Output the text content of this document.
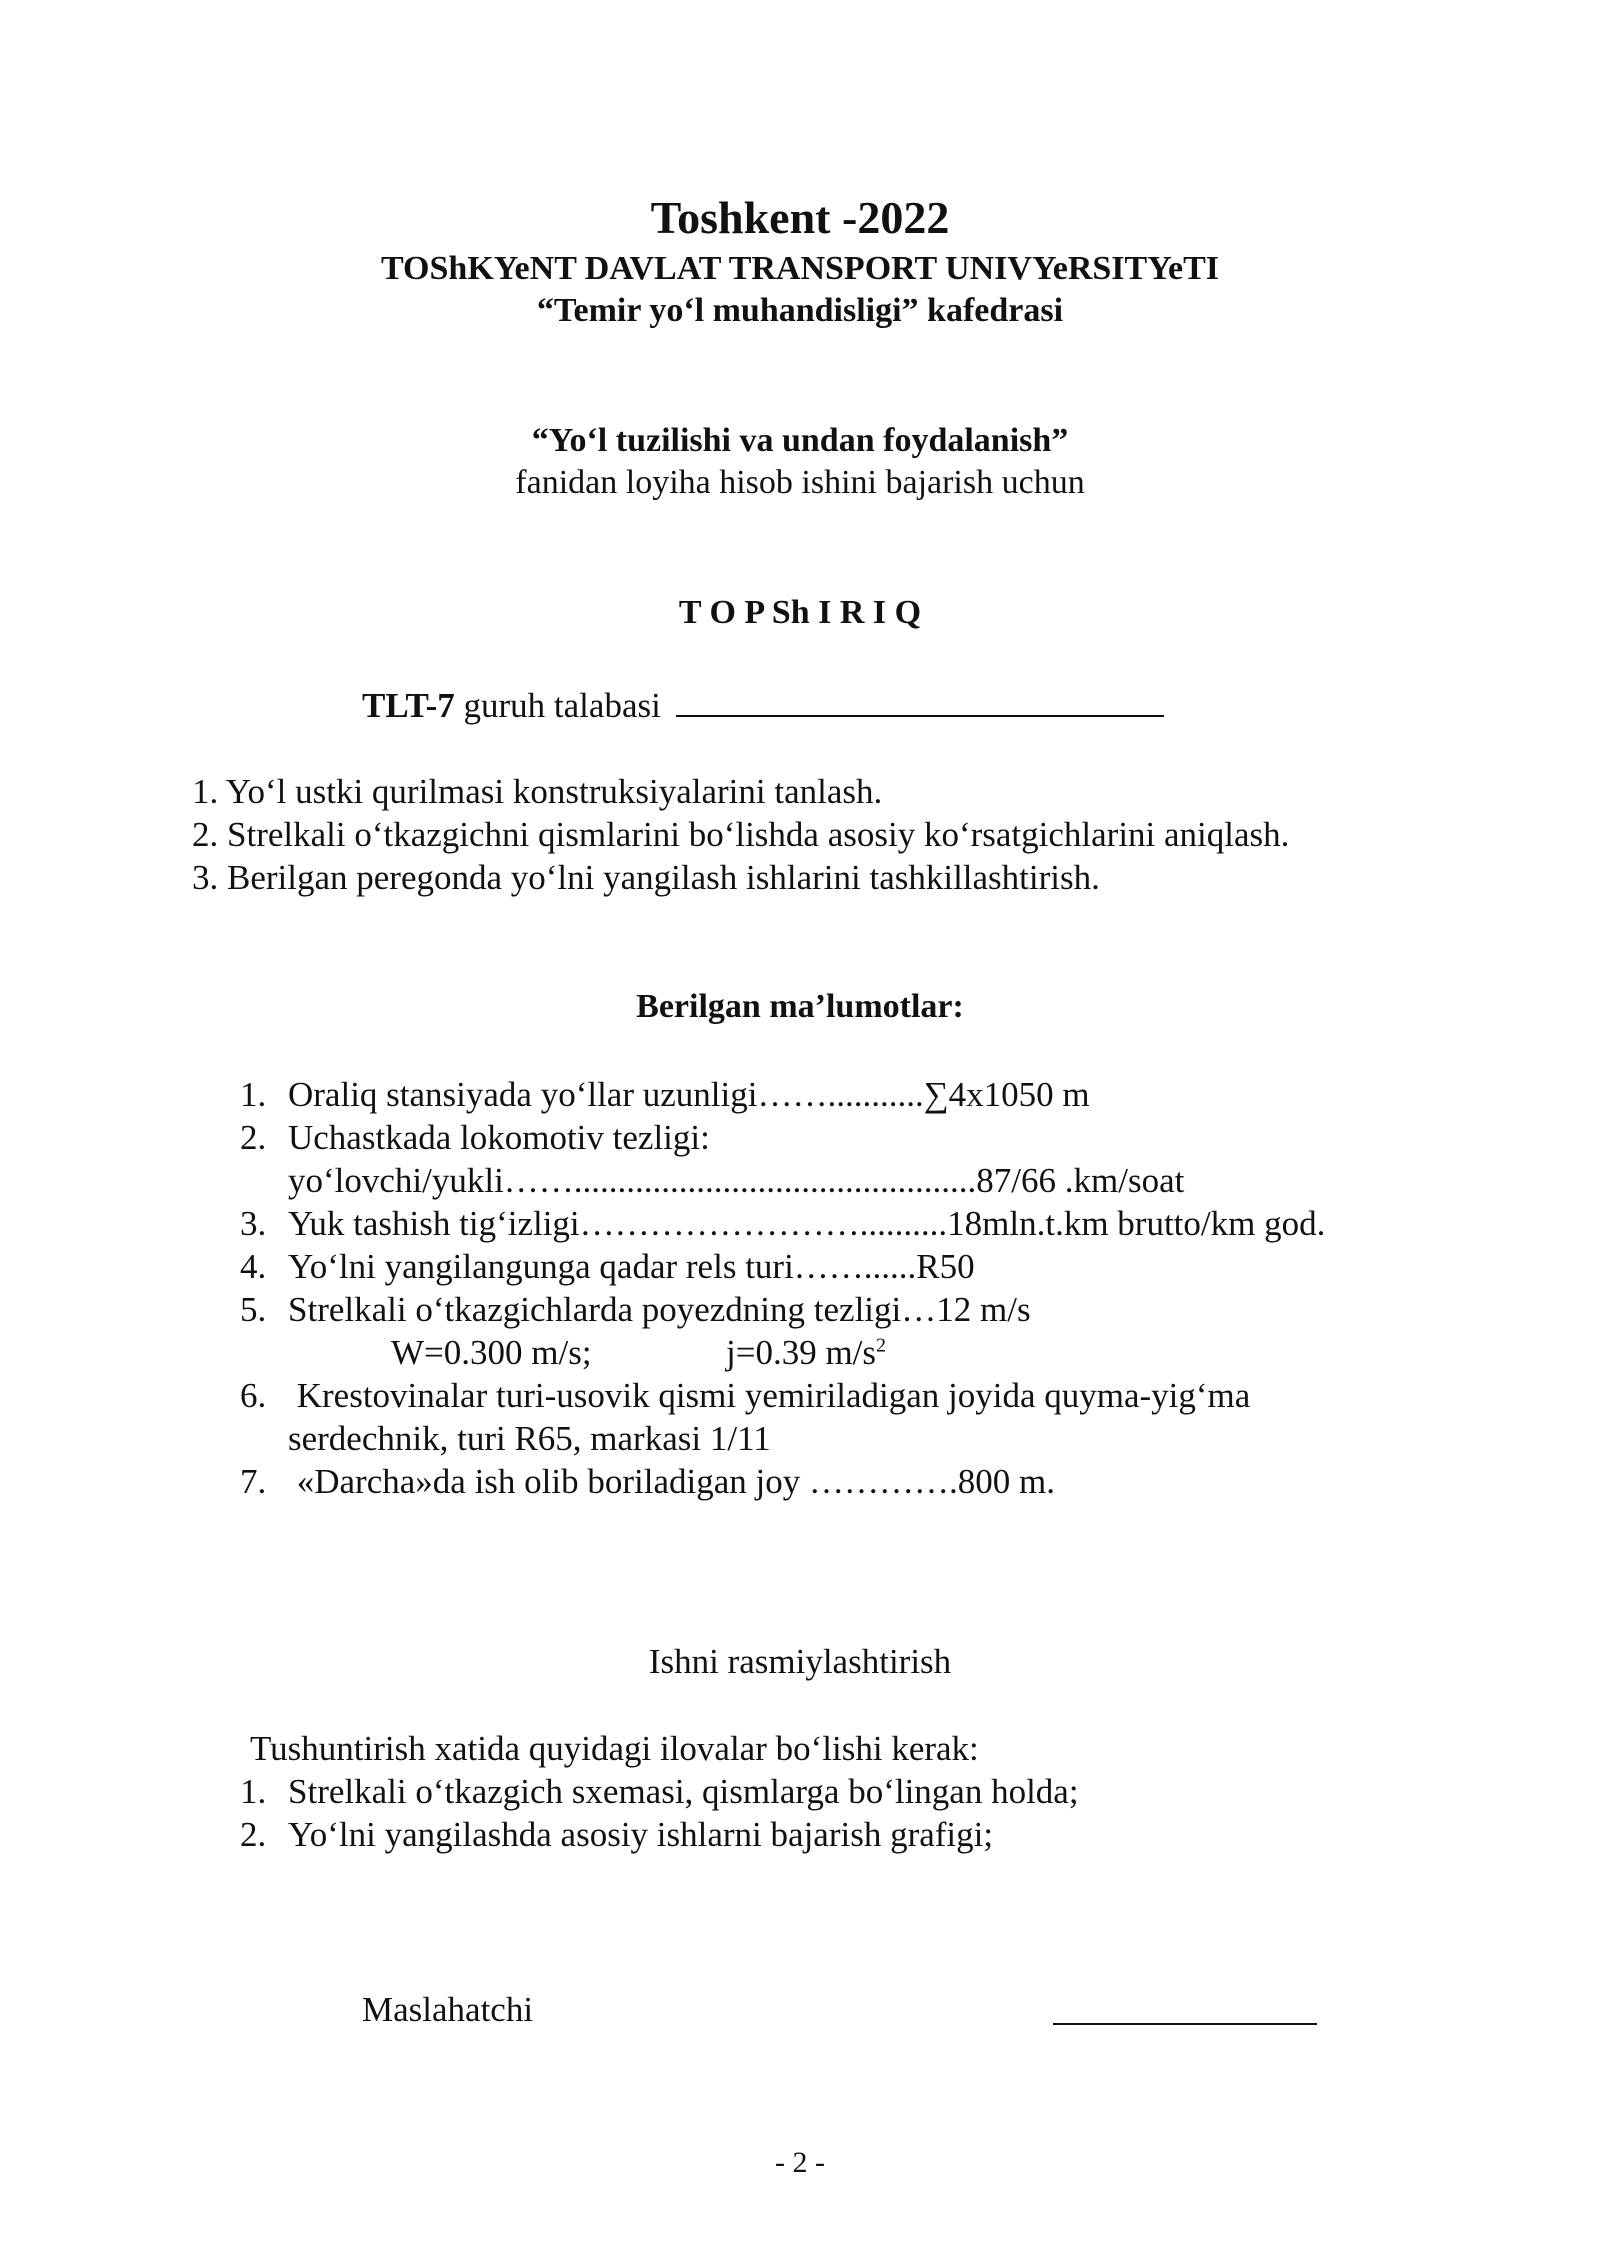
Toshkent -2022
TOShKYeNT DAVLAT TRANSPORT UNIVYeRSITYeTI
“Temir yo‘l muhandisligi” kafedrasi
“Yo‘l tuzilishi va undan foydalanish”
fanidan loyiha hisob ishini bajarish uchun
T O P Sh I R I Q
TLT-7 guruh talabasi
1. Yo‘l ustki qurilmasi konstruksiyalarini tanlash.
2. Strelkali o‘tkazgichni qismlarini bo‘lishda asosiy ko‘rsatgichlarini aniqlash.
3. Berilgan peregonda yo‘lni yangilash ishlarini tashkillashtirish.
Berilgan ma’lumotlar:
1. Oraliq stansiyada yo‘llar uzunligi……...........∑4x1050 m
2. Uchastkada lokomotiv tezligi:
yo‘lovchi/yukli……..............................................87/66 .km/soat
3. Yuk tashish tig‘izligi……………………..........18mln.t.km brutto/km god.
4. Yo‘lni yangilangunga qadar rels turi……......R50
5. Strelkali o‘tkazgichlarda poyezdning tezligi…12 m/s
W=0.300 m/s;	j=0.39 $m/s^2$
6. Krestovinalar turi-usovik qismi yemiriladigan joyida quyma-yig‘ma
serdechnik, turi R65, markasi 1/11
7. «Darcha»da ish olib boriladigan joy ………….800 m.
Ishni rasmiylashtirish
Tushuntirish xatida quyidagi ilovalar bo‘lishi kerak:
1. Strelkali o‘tkazgich sxemasi, qismlarga bo‘lingan holda;
2. Yo‘lni yangilashda asosiy ishlarni bajarish grafigi;
Maslahatchi
- 2 -
